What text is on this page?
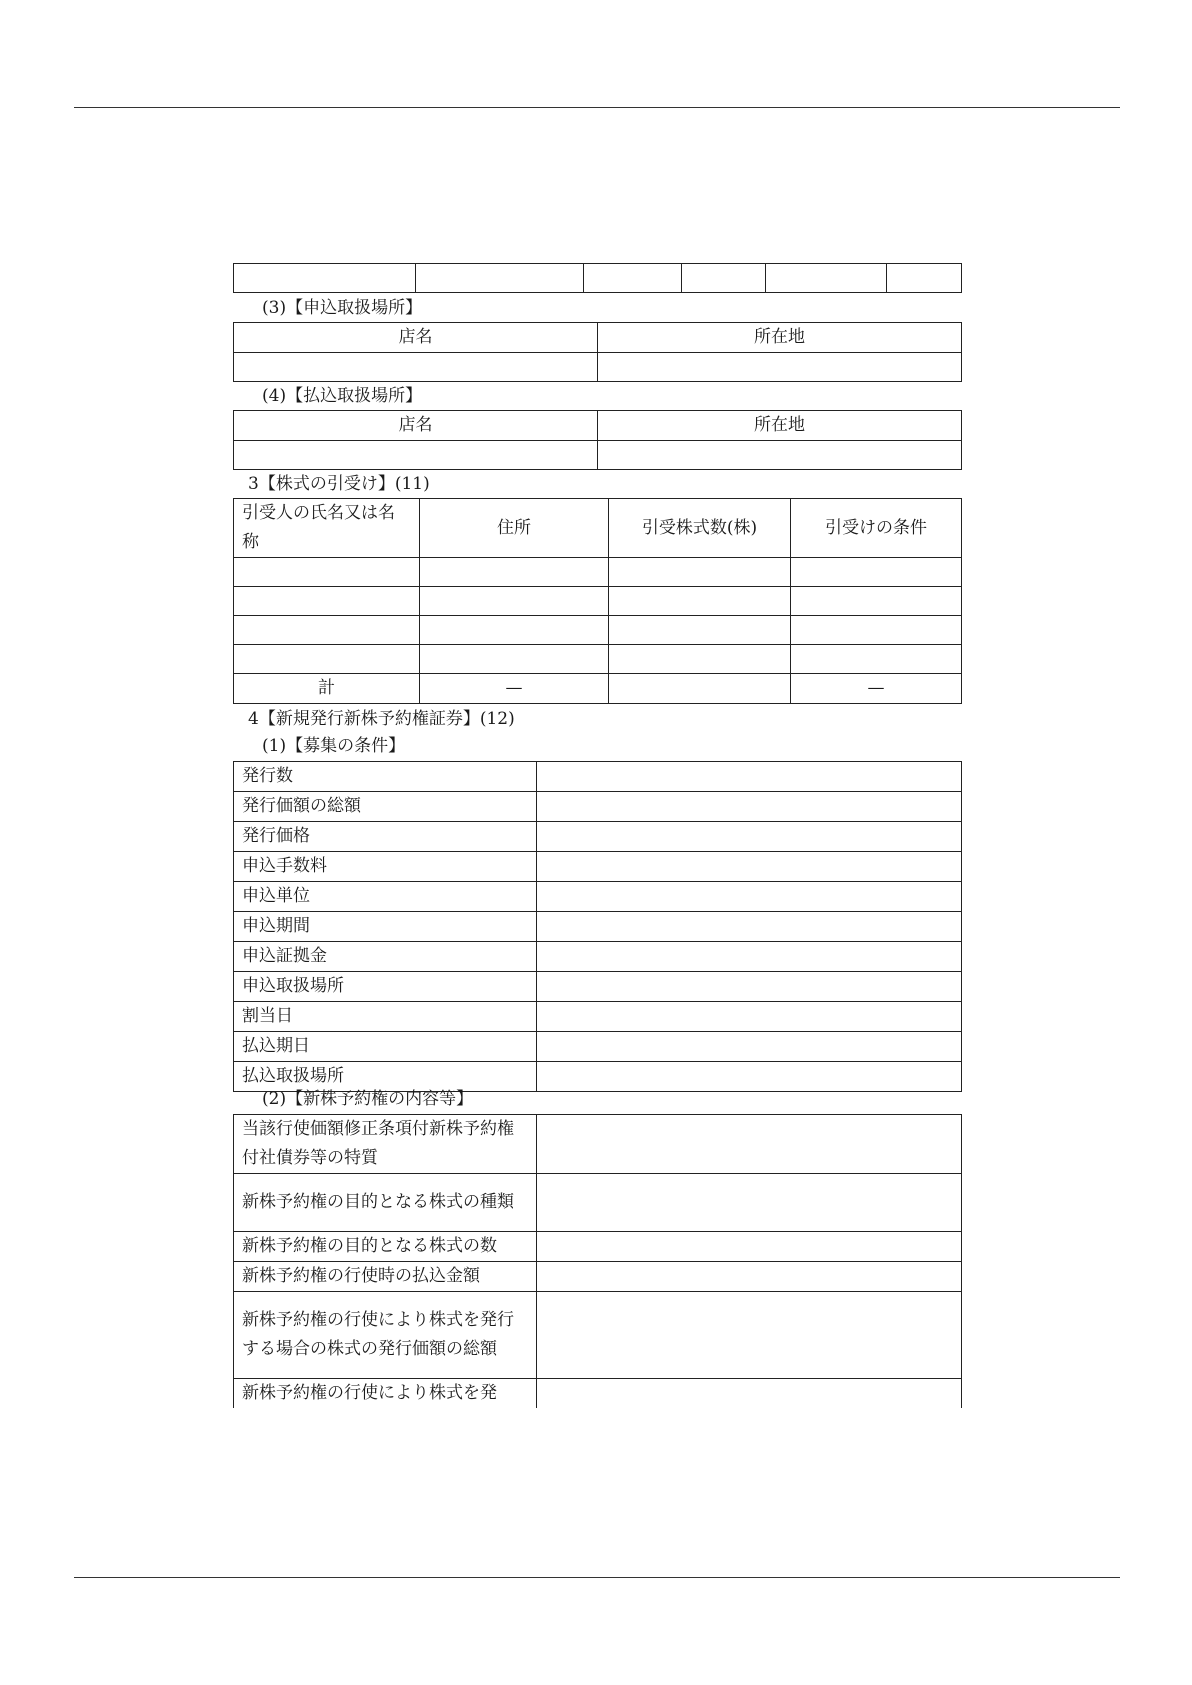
(3)【申込取扱場所】
店名	所在地

(4)【払込取扱場所】
店名	所在地

3【株式の引受け】(11)
引受人の氏名又は名称	住所	引受株式数(株)	引受けの条件

計	—		—
4【新規発行新株予約権証券】(12)
(1)【募集の条件】
発行数	
発行価額の総額	
発行価格	
申込手数料	
申込単位	
申込期間	
申込証拠金	
申込取扱場所	
割当日	
払込期日	
払込取扱場所	
(2)【新株予約権の内容等】
当該行使価額修正条項付新株予約権付社債券等の特質	
新株予約権の目的となる株式の種類	
新株予約権の目的となる株式の数	
新株予約権の行使時の払込金額	
新株予約権の行使により株式を発行する場合の株式の発行価額の総額	
新株予約権の行使により株式を発	
